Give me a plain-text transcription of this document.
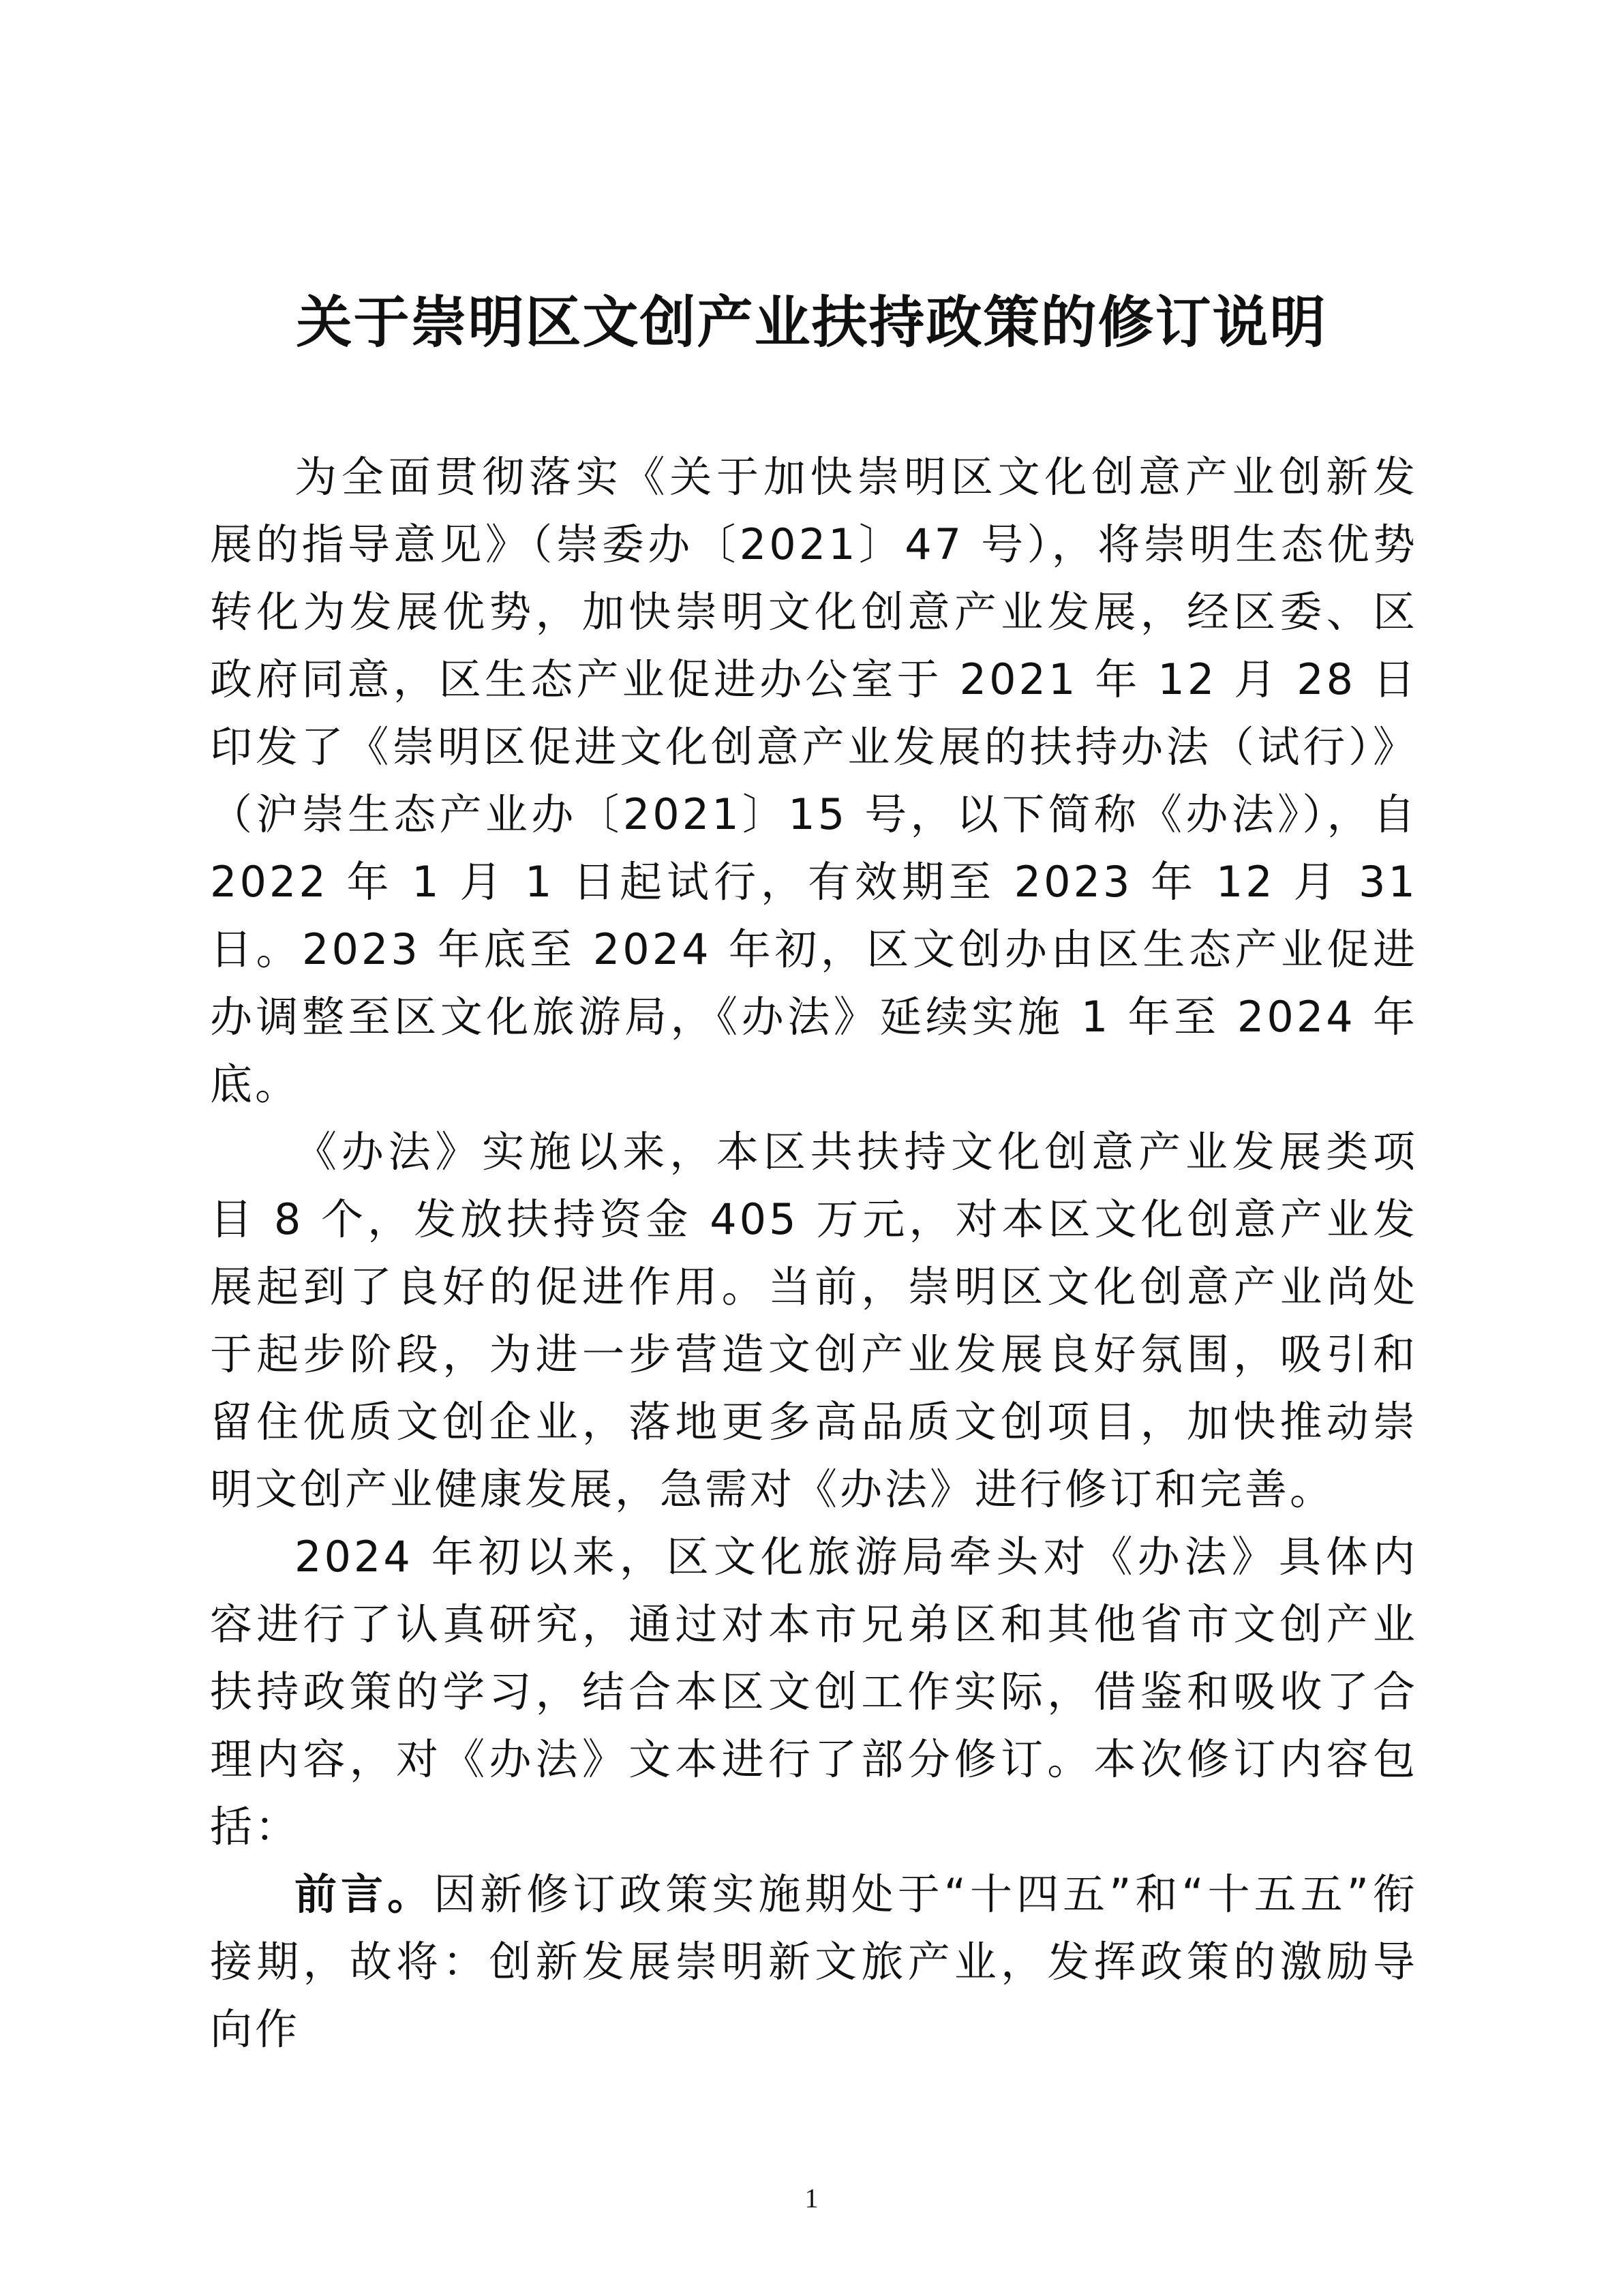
关于崇明区文创产业扶持政策的修订说明

为全面贯彻落实《关于加快崇明区文化创意产业创新发展的指导意见》（崇委办〔2021〕47 号），将崇明生态优势转化为发展优势，加快崇明文化创意产业发展，经区委、区政府同意，区生态产业促进办公室于 2021 年 12 月 28 日印发了《崇明区促进文化创意产业发展的扶持办法（试行）》（沪崇生态产业办〔2021〕15 号，以下简称《办法》），自 2022 年 1 月 1 日起试行，有效期至 2023 年 12 月 31 日。2023 年底至 2024 年初，区文创办由区生态产业促进办调整至区文化旅游局，《办法》延续实施 1 年至 2024 年底。

《办法》实施以来，本区共扶持文化创意产业发展类项目 8 个，发放扶持资金 405 万元，对本区文化创意产业发展起到了良好的促进作用。当前，崇明区文化创意产业尚处于起步阶段，为进一步营造文创产业发展良好氛围，吸引和留住优质文创企业，落地更多高品质文创项目，加快推动崇明文创产业健康发展，急需对《办法》进行修订和完善。

2024 年初以来，区文化旅游局牵头对《办法》具体内容进行了认真研究，通过对本市兄弟区和其他省市文创产业扶持政策的学习，结合本区文创工作实际，借鉴和吸收了合理内容，对《办法》文本进行了部分修订。本次修订内容包括：

前言。因新修订政策实施期处于“十四五”和“十五五”衔接期，故将：创新发展崇明新文旅产业，发挥政策的激励导向作

1
